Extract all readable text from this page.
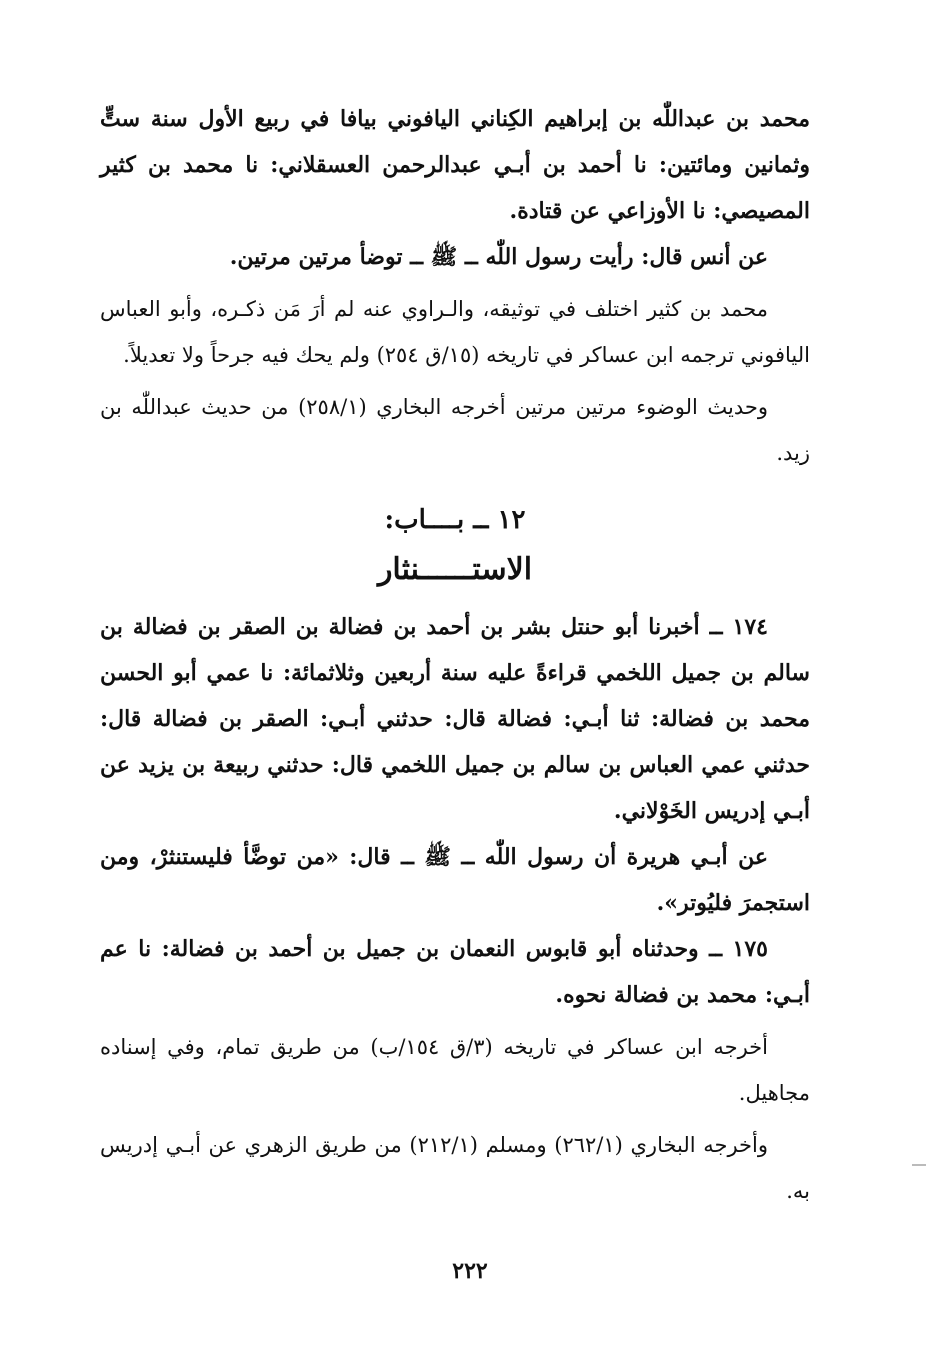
محمد بن عبداللّٰه بن إبراهيم الكِناني اليافوني بيافا في ربيع الأول سنة ستٍّ وثمانين ومائتين: نا أحمد بن أبـي عبدالرحمن العسقلاني: نا محمد بن كثير المصيصي: نا الأوزاعي عن قتادة.

عن أنس قال: رأيت رسول اللّٰه ــ ﷺ ــ توضأ مرتين مرتين.

محمد بن كثير اختلف في توثيقه، والـراوي عنه لم أرَ مَن ذكـره، وأبو العباس اليافوني ترجمه ابن عساكر في تاريخه (١٥/ق ٢٥٤) ولم يحك فيه جرحاً ولا تعديلاً.

وحديث الوضوء مرتين مرتين أخرجه البخاري (٢٥٨/١) من حديث عبداللّٰه بن زيد.

١٢ ــ بــــاب:

الاستــــــنثار

١٧٤ ــ أخبرنا أبو حنتل بشر بن أحمد بن فضالة بن الصقر بن فضالة بن سالم بن جميل اللخمي قراءةً عليه سنة أربعين وثلاثمائة: نا عمي أبو الحسن محمد بن فضالة: ثنا أبـي: فضالة قال: حدثني أبـي: الصقر بن فضالة قال: حدثني عمي العباس بن سالم بن جميل اللخمي قال: حدثني ربيعة بن يزيد عن أبـي إدريس الخَوْلاني.

عن أبـي هريرة أن رسول اللّٰه ــ ﷺ ــ قال: «من توضَّأ فليستنثرْ، ومن استجمرَ فليُوتر».

١٧٥ ــ وحدثناه أبو قابوس النعمان بن جميل بن أحمد بن فضالة: نا عم أبـي: محمد بن فضالة نحوه.

أخرجه ابن عساكر في تاريخه (٣/ق ١٥٤/ب) من طريق تمام، وفي إسناده مجاهيل.

وأخرجه البخاري (٢٦٢/١) ومسلم (٢١٢/١) من طريق الزهري عن أبـي إدريس به.

٢٢٢
